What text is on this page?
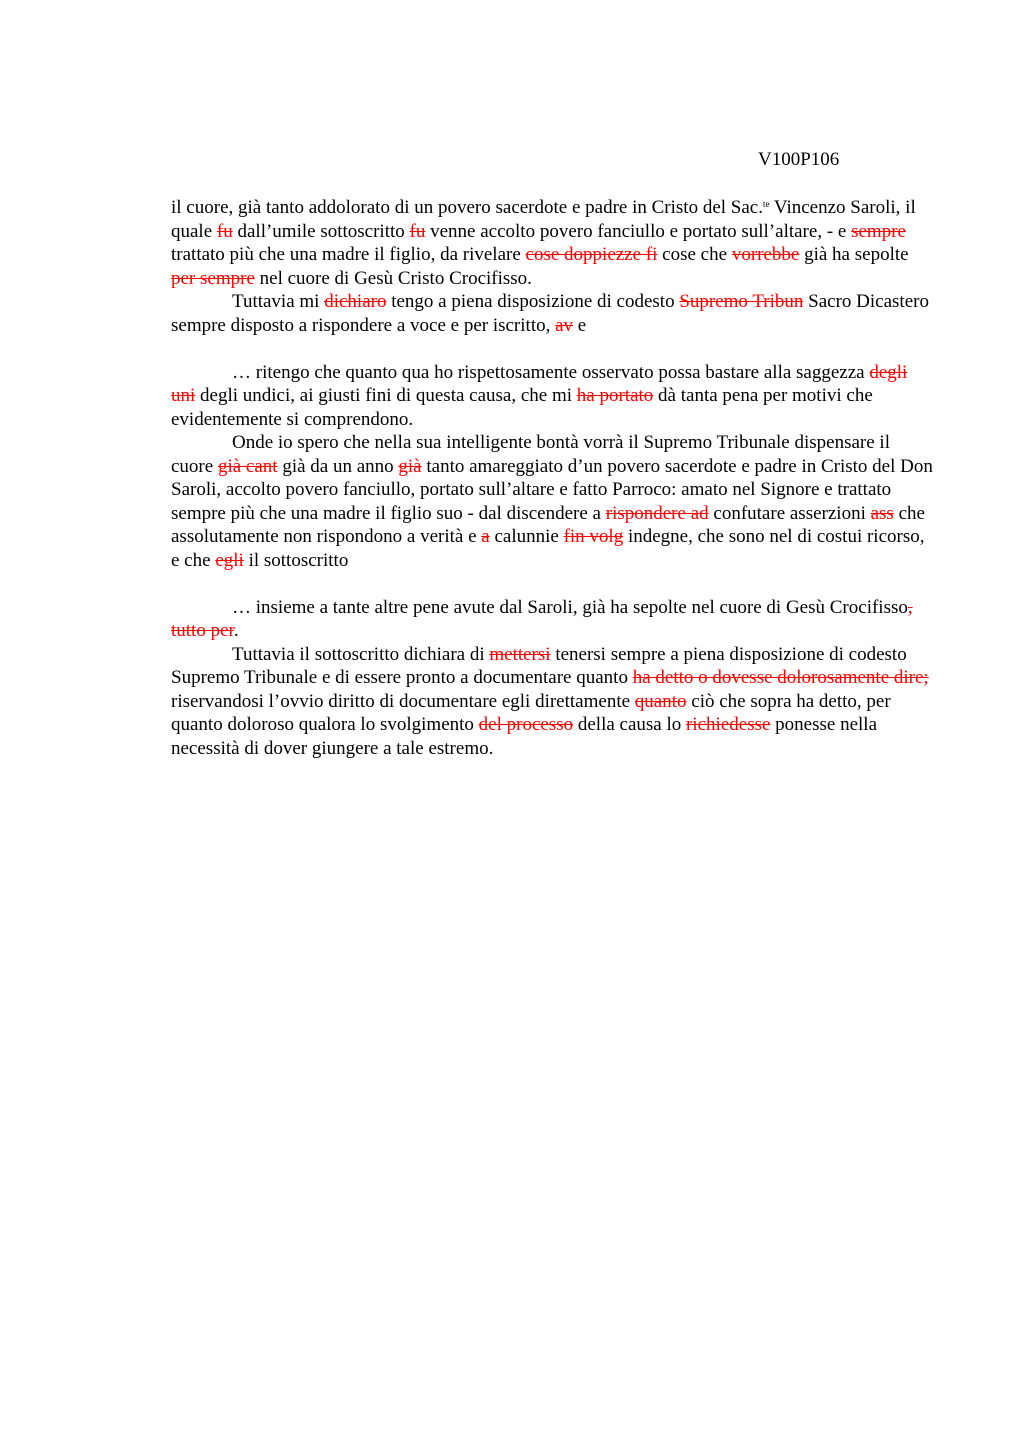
V100P106

il cuore, già tanto addolorato di un povero sacerdote e padre in Cristo del Sac.$^{te}$ Vincenzo Saroli, il quale fu dall’umile sottoscritto fu venne accolto povero fanciullo e portato sull’altare, - e sempre trattato più che una madre il figlio, da rivelare cose doppiezze fi cose che vorrebbe già ha sepolte per sempre nel cuore di Gesù Cristo Crocifisso.

Tuttavia mi dichiaro tengo a piena disposizione di codesto Supremo Tribun Sacro Dicastero sempre disposto a rispondere a voce e per iscritto, av e

… ritengo che quanto qua ho rispettosamente osservato possa bastare alla saggezza degli uni degli undici, ai giusti fini di questa causa, che mi ha portato dà tanta pena per motivi che evidentemente si comprendono.

Onde io spero che nella sua intelligente bontà vorrà il Supremo Tribunale dispensare il cuore già cant già da un anno già tanto amareggiato d’un povero sacerdote e padre in Cristo del Don Saroli, accolto povero fanciullo, portato sull’altare e fatto Parroco: amato nel Signore e trattato sempre più che una madre il figlio suo - dal discendere a rispondere ad confutare asserzioni ass che assolutamente non rispondono a verità e a calunnie fin volg indegne, che sono nel di costui ricorso, e che egli il sottoscritto

… insieme a tante altre pene avute dal Saroli, già ha sepolte nel cuore di Gesù Crocifisso, tutto per.

Tuttavia il sottoscritto dichiara di mettersi tenersi sempre a piena disposizione di codesto Supremo Tribunale e di essere pronto a documentare quanto ha detto o dovesse dolorosamente dire; riservandosi l’ovvio diritto di documentare egli direttamente quanto ciò che sopra ha detto, per quanto doloroso qualora lo svolgimento del processo della causa lo richiedesse ponesse nella necessità di dover giungere a tale estremo.
